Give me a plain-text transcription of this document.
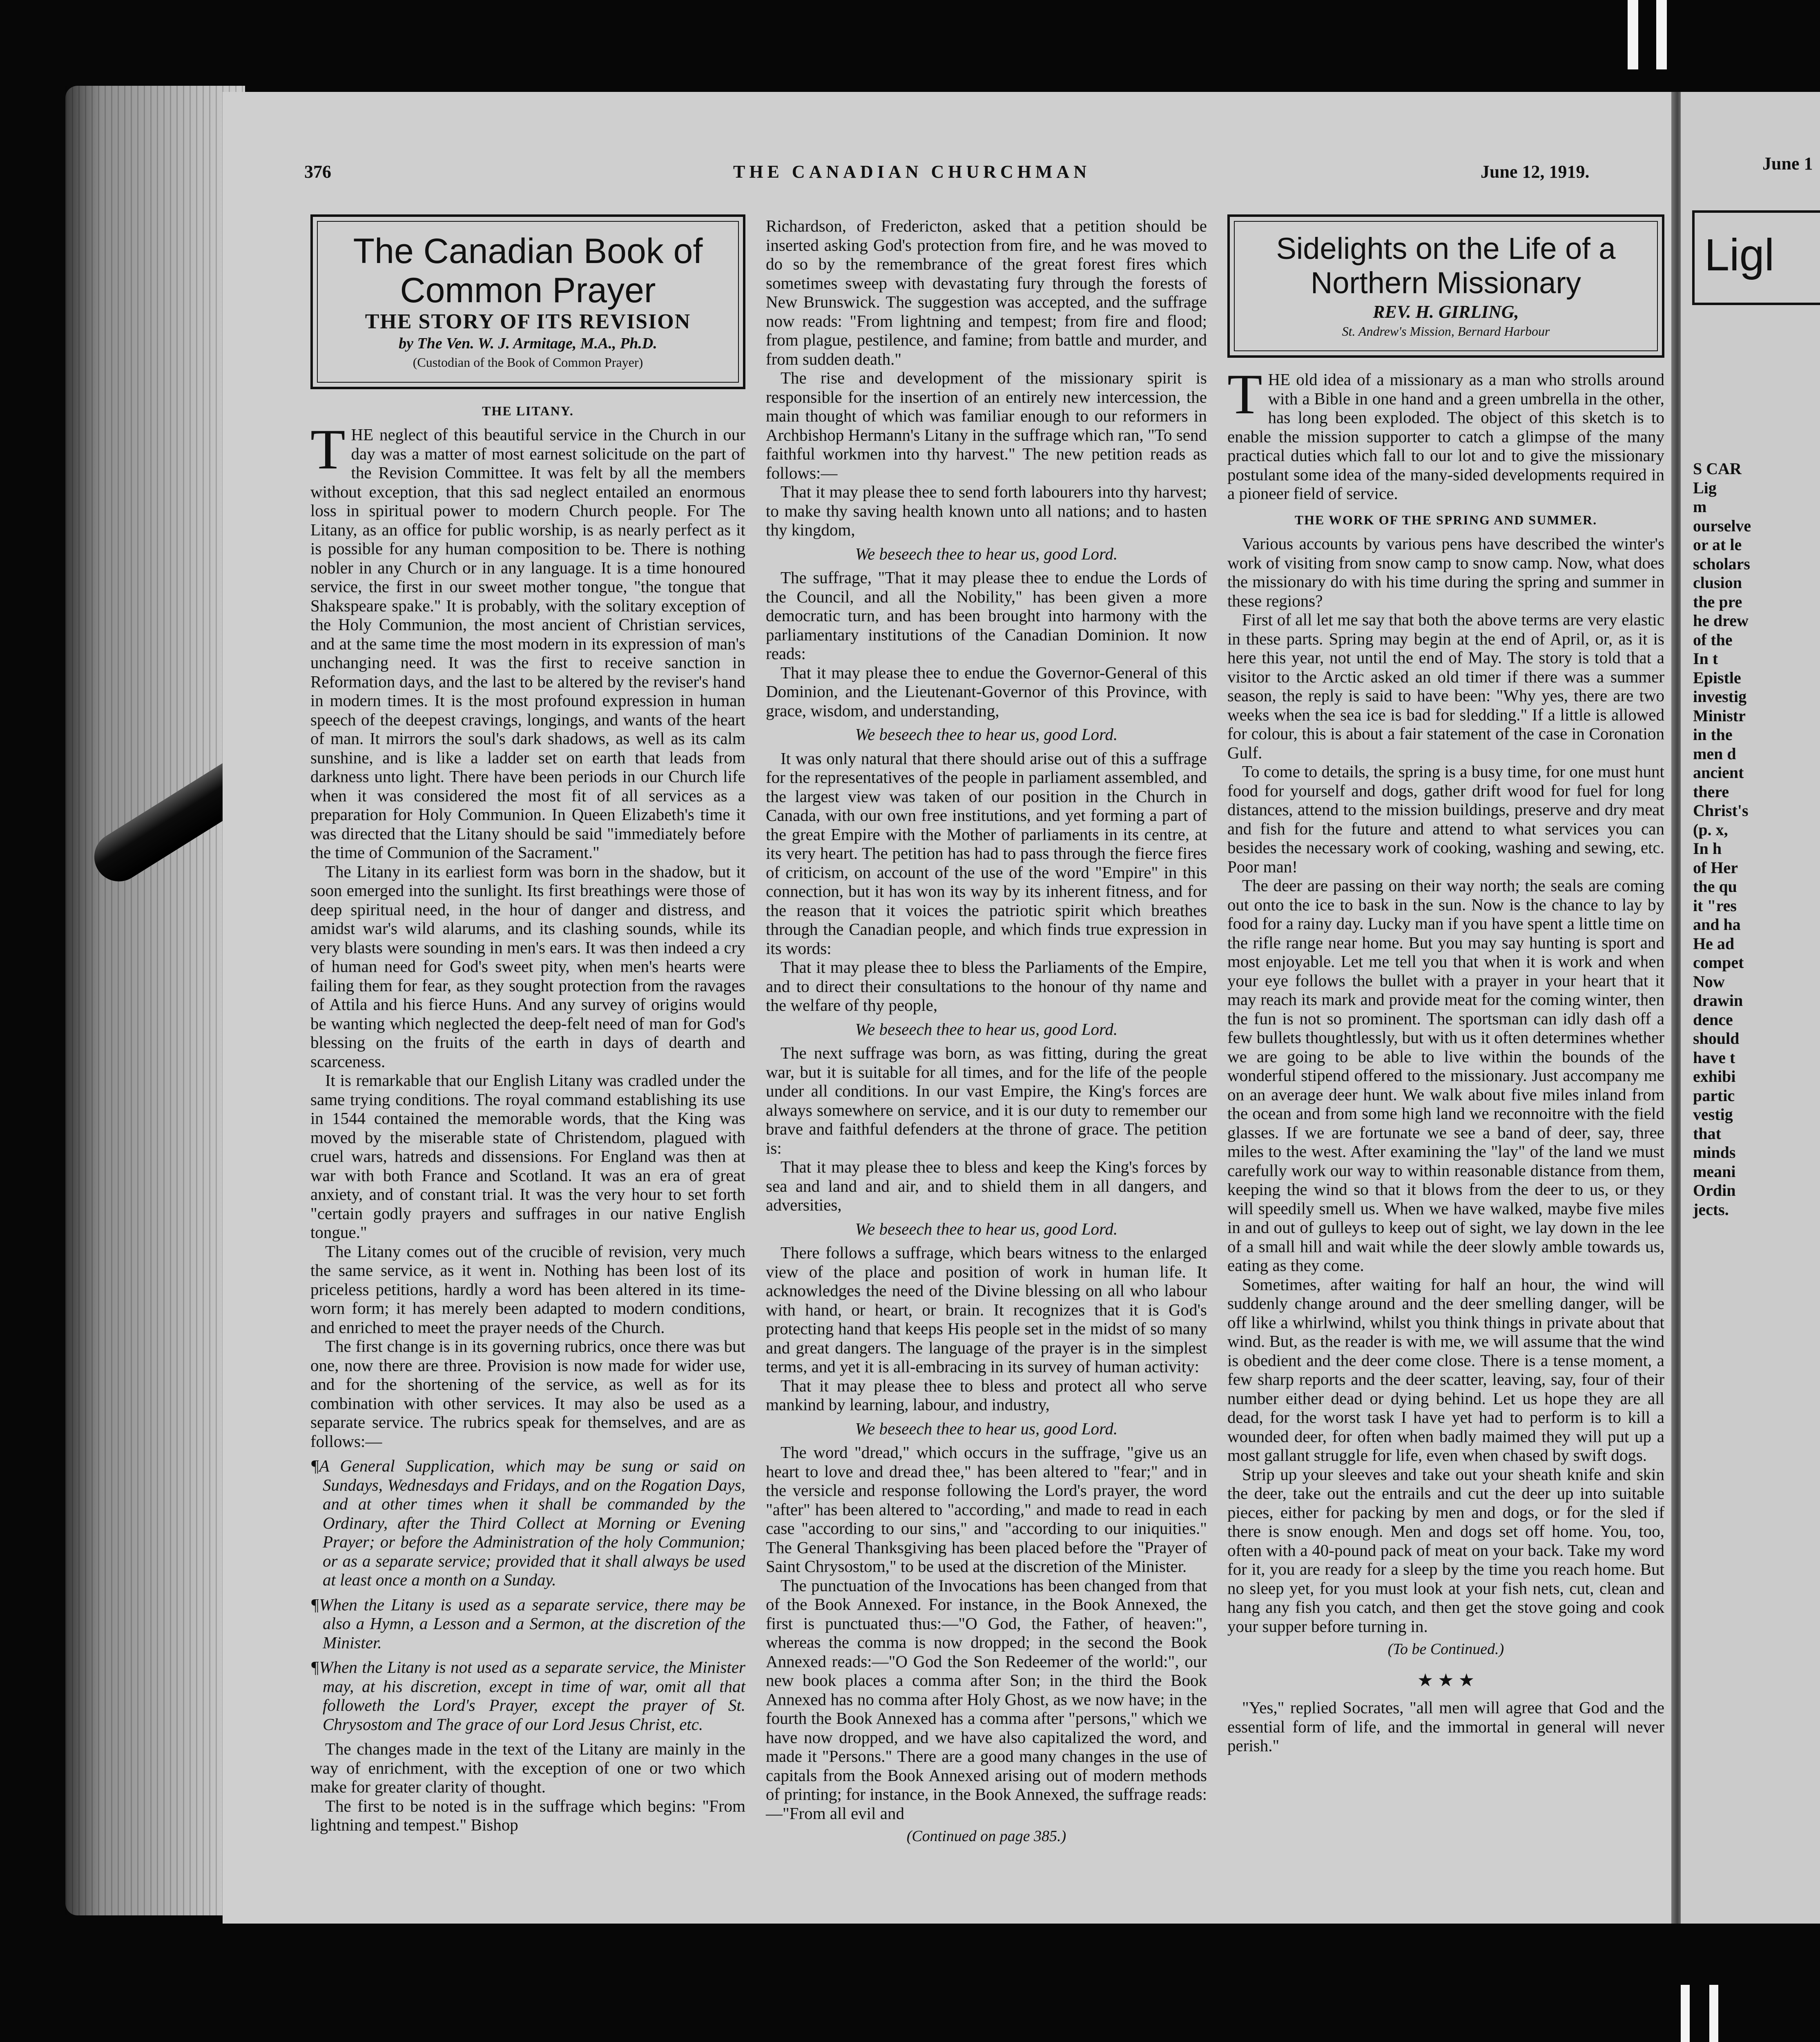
376	THE CANADIAN CHURCHMAN	June 12, 1919.
The Canadian Book of Common Prayer
THE STORY OF ITS REVISION
by The Ven. W. J. Armitage, M.A., Ph.D.
(Custodian of the Book of Common Prayer)
THE LITANY.

THE neglect of this beautiful service in the Church in our day was a matter of most earnest solicitude on the part of the Revision Committee. It was felt by all the members without exception, that this sad neglect entailed an enormous loss in spiritual power to modern Church people. For The Litany, as an office for public worship, is as nearly perfect as it is possible for any human composition to be. There is nothing nobler in any Church or in any language. It is a time honoured service, the first in our sweet mother tongue, "the tongue that Shakspeare spake." It is probably, with the solitary exception of the Holy Communion, the most ancient of Christian services, and at the same time the most modern in its expression of man's unchanging need. It was the first to receive sanction in Reformation days, and the last to be altered by the reviser's hand in modern times. It is the most profound expression in human speech of the deepest cravings, longings, and wants of the heart of man. It mirrors the soul's dark shadows, as well as its calm sunshine, and is like a ladder set on earth that leads from darkness unto light. There have been periods in our Church life when it was considered the most fit of all services as a preparation for Holy Communion. In Queen Elizabeth's time it was directed that the Litany should be said "immediately before the time of Communion of the Sacrament."

The Litany in its earliest form was born in the shadow, but it soon emerged into the sunlight. Its first breathings were those of deep spiritual need, in the hour of danger and distress, and amidst war's wild alarums, and its clashing sounds, while its very blasts were sounding in men's ears. It was then indeed a cry of human need for God's sweet pity, when men's hearts were failing them for fear, as they sought protection from the ravages of Attila and his fierce Huns. And any survey of origins would be wanting which neglected the deep-felt need of man for God's blessing on the fruits of the earth in days of dearth and scarceness.

It is remarkable that our English Litany was cradled under the same trying conditions. The royal command establishing its use in 1544 contained the memorable words, that the King was moved by the miserable state of Christendom, plagued with cruel wars, hatreds and dissensions. For England was then at war with both France and Scotland. It was an era of great anxiety, and of constant trial. It was the very hour to set forth "certain godly prayers and suffrages in our native English tongue."

The Litany comes out of the crucible of revision, very much the same service, as it went in. Nothing has been lost of its priceless petitions, hardly a word has been altered in its time-worn form; it has merely been adapted to modern conditions, and enriched to meet the prayer needs of the Church.

The first change is in its governing rubrics, once there was but one, now there are three. Provision is now made for wider use, and for the shortening of the service, as well as for its combination with other services. It may also be used as a separate service. The rubrics speak for themselves, and are as follows:—

¶A General Supplication, which may be sung or said on Sundays, Wednesdays and Fridays, and on the Rogation Days, and at other times when it shall be commanded by the Ordinary, after the Third Collect at Morning or Evening Prayer; or before the Administration of the holy Communion; or as a separate service; provided that it shall always be used at least once a month on a Sunday.

¶When the Litany is used as a separate service, there may be also a Hymn, a Lesson and a Sermon, at the discretion of the Minister.

¶When the Litany is not used as a separate service, the Minister may, at his discretion, except in time of war, omit all that followeth the Lord's Prayer, except the prayer of St. Chrysostom and The grace of our Lord Jesus Christ, etc.

The changes made in the text of the Litany are mainly in the way of enrichment, with the exception of one or two which make for greater clarity of thought.

The first to be noted is in the suffrage which begins: "From lightning and tempest." Bishop

Richardson, of Fredericton, asked that a petition should be inserted asking God's protection from fire, and he was moved to do so by the remembrance of the great forest fires which sometimes sweep with devastating fury through the forests of New Brunswick. The suggestion was accepted, and the suffrage now reads: "From lightning and tempest; from fire and flood; from plague, pestilence, and famine; from battle and murder, and from sudden death."

The rise and development of the missionary spirit is responsible for the insertion of an entirely new intercession, the main thought of which was familiar enough to our reformers in Archbishop Hermann's Litany in the suffrage which ran, "To send faithful workmen into thy harvest." The new petition reads as follows:—

That it may please thee to send forth labourers into thy harvest; to make thy saving health known unto all nations; and to hasten thy kingdom,

We beseech thee to hear us, good Lord.

The suffrage, "That it may please thee to endue the Lords of the Council, and all the Nobility," has been given a more democratic turn, and has been brought into harmony with the parliamentary institutions of the Canadian Dominion. It now reads:

That it may please thee to endue the Governor-General of this Dominion, and the Lieutenant-Governor of this Province, with grace, wisdom, and understanding,

We beseech thee to hear us, good Lord.

It was only natural that there should arise out of this a suffrage for the representatives of the people in parliament assembled, and the largest view was taken of our position in the Church in Canada, with our own free institutions, and yet forming a part of the great Empire with the Mother of parliaments in its centre, at its very heart. The petition has had to pass through the fierce fires of criticism, on account of the use of the word "Empire" in this connection, but it has won its way by its inherent fitness, and for the reason that it voices the patriotic spirit which breathes through the Canadian people, and which finds true expression in its words:

That it may please thee to bless the Parliaments of the Empire, and to direct their consultations to the honour of thy name and the welfare of thy people,

We beseech thee to hear us, good Lord.

The next suffrage was born, as was fitting, during the great war, but it is suitable for all times, and for the life of the people under all conditions. In our vast Empire, the King's forces are always somewhere on service, and it is our duty to remember our brave and faithful defenders at the throne of grace. The petition is:

That it may please thee to bless and keep the King's forces by sea and land and air, and to shield them in all dangers, and adversities,

We beseech thee to hear us, good Lord.

There follows a suffrage, which bears witness to the enlarged view of the place and position of work in human life. It acknowledges the need of the Divine blessing on all who labour with hand, or heart, or brain. It recognizes that it is God's protecting hand that keeps His people set in the midst of so many and great dangers. The language of the prayer is in the simplest terms, and yet it is all-embracing in its survey of human activity:

That it may please thee to bless and protect all who serve mankind by learning, labour, and industry,

We beseech thee to hear us, good Lord.

The word "dread," which occurs in the suffrage, "give us an heart to love and dread thee," has been altered to "fear;" and in the versicle and response following the Lord's prayer, the word "after" has been altered to "according," and made to read in each case "according to our sins," and "according to our iniquities." The General Thanksgiving has been placed before the "Prayer of Saint Chrysostom," to be used at the discretion of the Minister.

The punctuation of the Invocations has been changed from that of the Book Annexed. For instance, in the Book Annexed, the first is punctuated thus:—"O God, the Father, of heaven:", whereas the comma is now dropped; in the second the Book Annexed reads:—"O God the Son Redeemer of the world:", our new book places a comma after Son; in the third the Book Annexed has no comma after Holy Ghost, as we now have; in the fourth the Book Annexed has a comma after "persons," which we have now dropped, and we have also capitalized the word, and made it "Persons." There are a good many changes in the use of capitals from the Book Annexed arising out of modern methods of printing; for instance, in the Book Annexed, the suffrage reads:—"From all evil and

(Continued on page 385.)
Sidelights on the Life of a Northern Missionary
REV. H. GIRLING,
St. Andrew's Mission, Bernard Harbour

THE old idea of a missionary as a man who strolls around with a Bible in one hand and a green umbrella in the other, has long been exploded. The object of this sketch is to enable the mission supporter to catch a glimpse of the many practical duties which fall to our lot and to give the missionary postulant some idea of the many-sided developments required in a pioneer field of service.

THE WORK OF THE SPRING AND SUMMER.

Various accounts by various pens have described the winter's work of visiting from snow camp to snow camp. Now, what does the missionary do with his time during the spring and summer in these regions?

First of all let me say that both the above terms are very elastic in these parts. Spring may begin at the end of April, or, as it is here this year, not until the end of May. The story is told that a visitor to the Arctic asked an old timer if there was a summer season, the reply is said to have been: "Why yes, there are two weeks when the sea ice is bad for sledding." If a little is allowed for colour, this is about a fair statement of the case in Coronation Gulf.

To come to details, the spring is a busy time, for one must hunt food for yourself and dogs, gather drift wood for fuel for long distances, attend to the mission buildings, preserve and dry meat and fish for the future and attend to what services you can besides the necessary work of cooking, washing and sewing, etc. Poor man!

The deer are passing on their way north; the seals are coming out onto the ice to bask in the sun. Now is the chance to lay by food for a rainy day. Lucky man if you have spent a little time on the rifle range near home. But you may say hunting is sport and most enjoyable. Let me tell you that when it is work and when your eye follows the bullet with a prayer in your heart that it may reach its mark and provide meat for the coming winter, then the fun is not so prominent. The sportsman can idly dash off a few bullets thoughtlessly, but with us it often determines whether we are going to be able to live within the bounds of the wonderful stipend offered to the missionary. Just accompany me on an average deer hunt. We walk about five miles inland from the ocean and from some high land we reconnoitre with the field glasses. If we are fortunate we see a band of deer, say, three miles to the west. After examining the "lay" of the land we must carefully work our way to within reasonable distance from them, keeping the wind so that it blows from the deer to us, or they will speedily smell us. When we have walked, maybe five miles in and out of gulleys to keep out of sight, we lay down in the lee of a small hill and wait while the deer slowly amble towards us, eating as they come.

Sometimes, after waiting for half an hour, the wind will suddenly change around and the deer smelling danger, will be off like a whirlwind, whilst you think things in private about that wind. But, as the reader is with me, we will assume that the wind is obedient and the deer come close. There is a tense moment, a few sharp reports and the deer scatter, leaving, say, four of their number either dead or dying behind. Let us hope they are all dead, for the worst task I have yet had to perform is to kill a wounded deer, for often when badly maimed they will put up a most gallant struggle for life, even when chased by swift dogs.

Strip up your sleeves and take out your sheath knife and skin the deer, take out the entrails and cut the deer up into suitable pieces, either for packing by men and dogs, or for the sled if there is snow enough. Men and dogs set off home. You, too, often with a 40-pound pack of meat on your back. Take my word for it, you are ready for a sleep by the time you reach home. But no sleep yet, for you must look at your fish nets, cut, clean and hang any fish you catch, and then get the stove going and cook your supper before turning in.

(To be Continued.)
★ ★ ★

"Yes," replied Socrates, "all men will agree that God and the essential form of life, and the immortal in general will never perish."

June 1
Ligl
S CAR
Lig
m
ourselve
or at le
scholars
clusion
the pre
he drew
of the
In t
Epistle
investig
Ministr
in the
men d
ancient
there
Christ's
(p. x,
In h
of Her
the qu
it "res
and ha
He ad
compet
Now
drawin
dence
should
have t
exhibi
partic
vestig
that
minds
meani
Ordin
jects.
